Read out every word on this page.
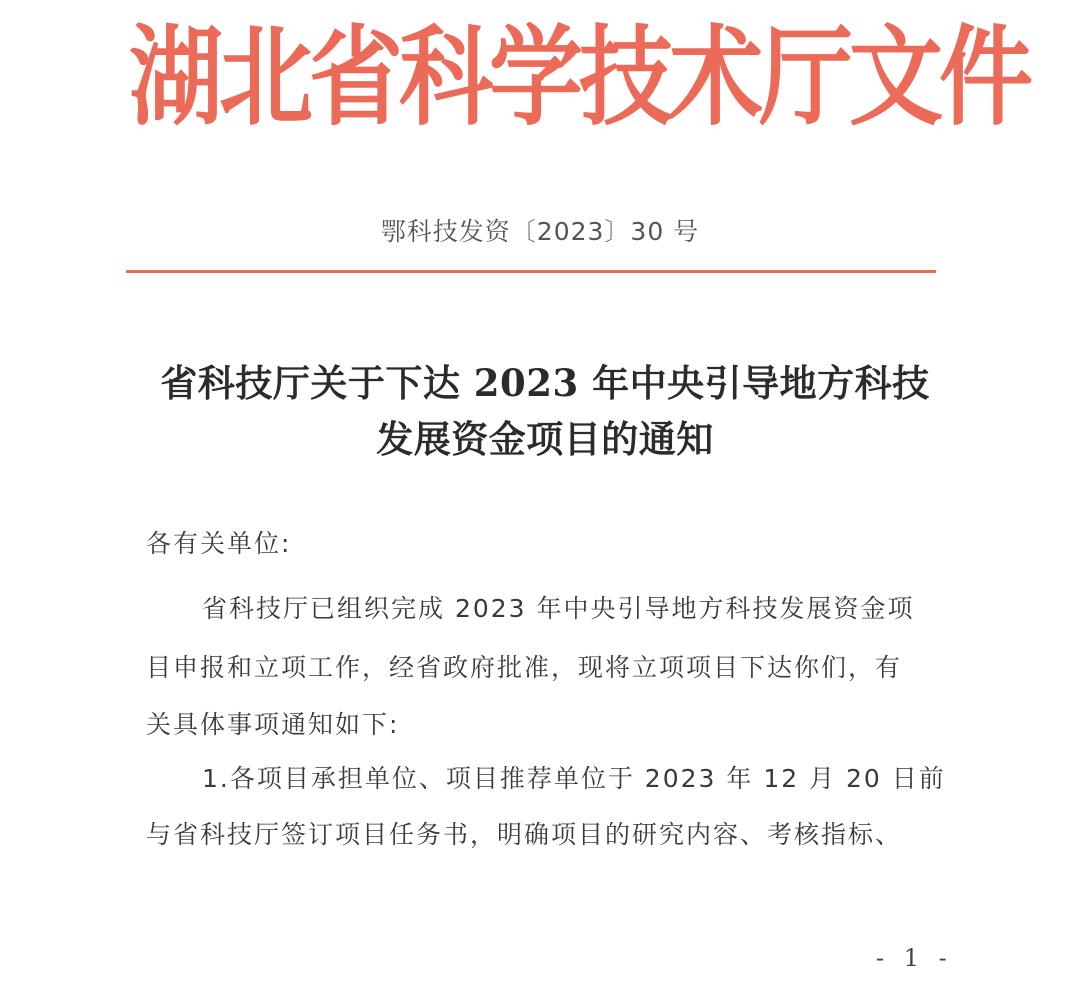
湖北省科学技术厅文件
鄂科技发资〔2023〕30 号
省科技厅关于下达 2023 年中央引导地方科技
发展资金项目的通知
各有关单位:
省科技厅已组织完成 2023 年中央引导地方科技发展资金项
目申报和立项工作，经省政府批准，现将立项项目下达你们，有
关具体事项通知如下:
1.各项目承担单位、项目推荐单位于 2023 年 12 月 20 日前
与省科技厅签订项目任务书，明确项目的研究内容、考核指标、
- 1 -
